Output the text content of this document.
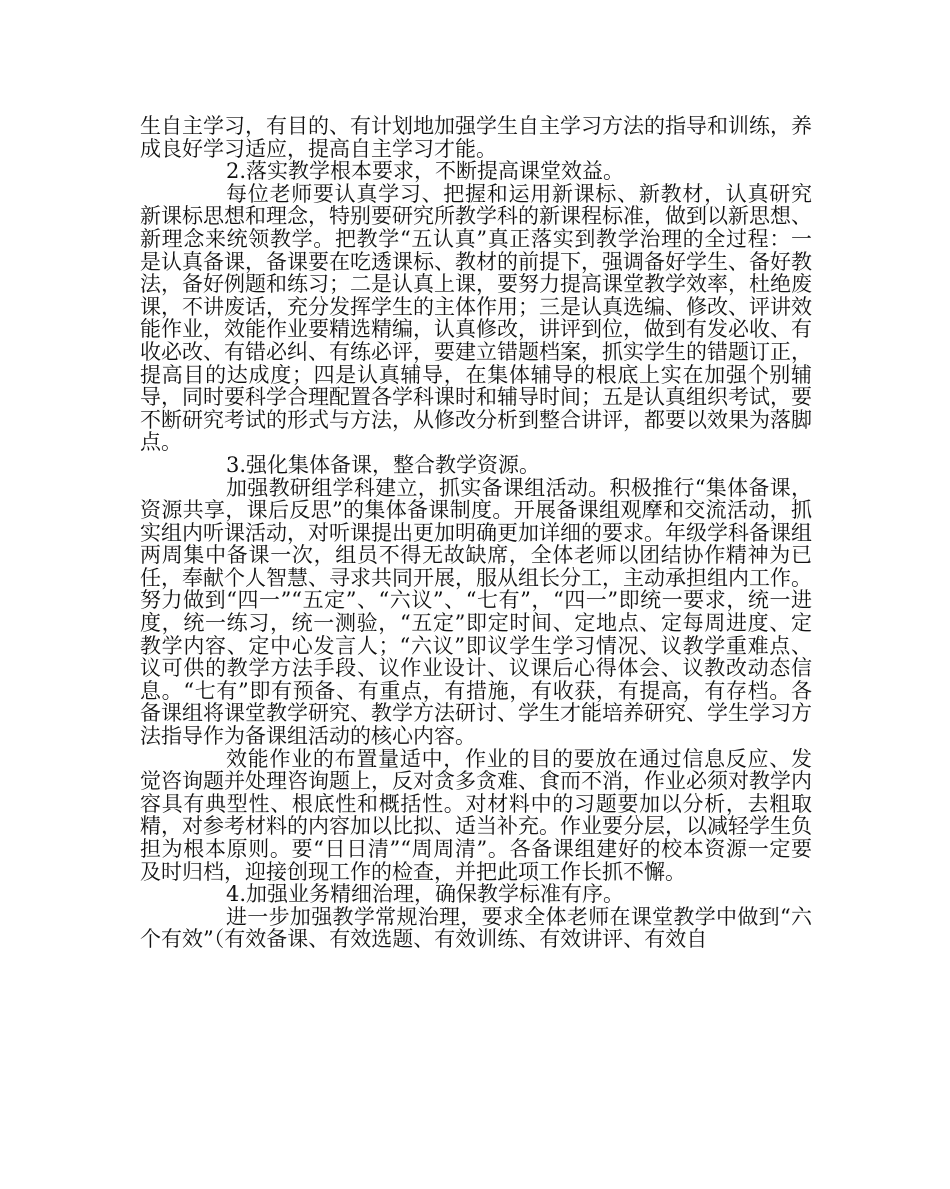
生自主学习，有目的、有计划地加强学生自主学习方法的指导和训练，养成良好学习适应，提高自主学习才能。

2.落实教学根本要求，不断提高课堂效益。

每位老师要认真学习、把握和运用新课标、新教材，认真研究新课标思想和理念，特别要研究所教学科的新课程标准，做到以新思想、新理念来统领教学。把教学“五认真”真正落实到教学治理的全过程：一是认真备课，备课要在吃透课标、教材的前提下，强调备好学生、备好教法，备好例题和练习；二是认真上课，要努力提高课堂教学效率，杜绝废课，不讲废话，充分发挥学生的主体作用；三是认真选编、修改、评讲效能作业，效能作业要精选精编，认真修改，讲评到位，做到有发必收、有收必改、有错必纠、有练必评，要建立错题档案，抓实学生的错题订正，提高目的达成度；四是认真辅导，在集体辅导的根底上实在加强个别辅导，同时要科学合理配置各学科课时和辅导时间；五是认真组织考试，要不断研究考试的形式与方法，从修改分析到整合讲评，都要以效果为落脚点。

3.强化集体备课，整合教学资源。

加强教研组学科建立，抓实备课组活动。积极推行“集体备课，资源共享，课后反思”的集体备课制度。开展备课组观摩和交流活动，抓实组内听课活动，对听课提出更加明确更加详细的要求。年级学科备课组两周集中备课一次，组员不得无故缺席，全体老师以团结协作精神为已任，奉献个人智慧、寻求共同开展，服从组长分工，主动承担组内工作。努力做到“四一”“五定”、“六议”、“七有”，“四一”即统一要求，统一进度，统一练习，统一测验，“五定”即定时间、定地点、定每周进度、定教学内容、定中心发言人；“六议”即议学生学习情况、议教学重难点、议可供的教学方法手段、议作业设计、议课后心得体会、议教改动态信息。“七有”即有预备、有重点，有措施，有收获，有提高，有存档。各备课组将课堂教学研究、教学方法研讨、学生才能培养研究、学生学习方法指导作为备课组活动的核心内容。

效能作业的布置量适中，作业的目的要放在通过信息反应、发觉咨询题并处理咨询题上，反对贪多贪难、食而不消，作业必须对教学内容具有典型性、根底性和概括性。对材料中的习题要加以分析，去粗取精，对参考材料的内容加以比拟、适当补充。作业要分层，以减轻学生负担为根本原则。要“日日清”“周周清”。各备课组建好的校本资源一定要及时归档，迎接创现工作的检查，并把此项工作长抓不懈。

4.加强业务精细治理，确保教学标准有序。

进一步加强教学常规治理，要求全体老师在课堂教学中做到“六个有效”（有效备课、有效选题、有效训练、有效讲评、有效自
